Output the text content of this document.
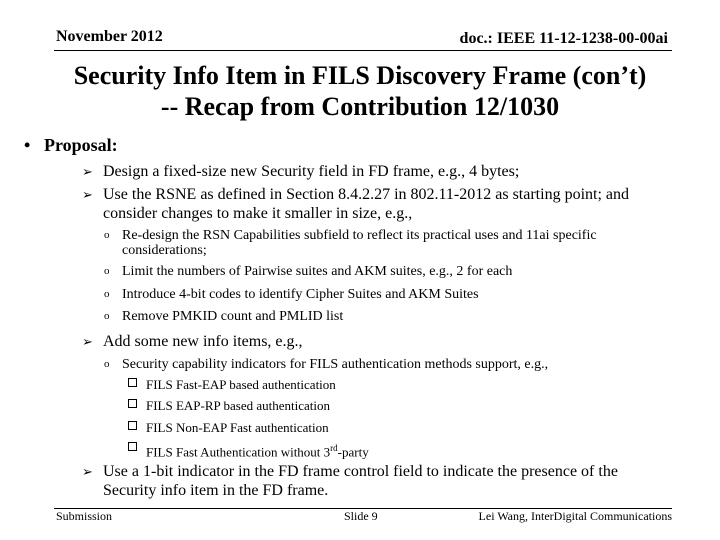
November 2012	doc.: IEEE 11-12-1238-00-00ai
Security Info Item in FILS Discovery Frame (con’t)
-- Recap from Contribution 12/1030
• Proposal:
➢ Design a fixed-size new Security field in FD frame, e.g., 4 bytes;
➢ Use the RSNE as defined in Section 8.4.2.27 in 802.11-2012 as starting point; and
consider changes to make it smaller in size, e.g.,
o Re-design the RSN Capabilities subfield to reflect its practical uses and 11ai specific
considerations;
o Limit the numbers of Pairwise suites and AKM suites, e.g., 2 for each
o Introduce 4-bit codes to identify Cipher Suites and AKM Suites
o Remove PMKID count and PMLID list
➢ Add some new info items, e.g.,
o Security capability indicators for FILS authentication methods support, e.g.,
FILS Fast-EAP based authentication
FILS EAP-RP based authentication
FILS Non-EAP Fast authentication
FILS Fast Authentication without 3rd-party
➢ Use a 1-bit indicator in the FD frame control field to indicate the presence of the
Security info item in the FD frame.
Submission	Slide 9	Lei Wang, InterDigital Communications
